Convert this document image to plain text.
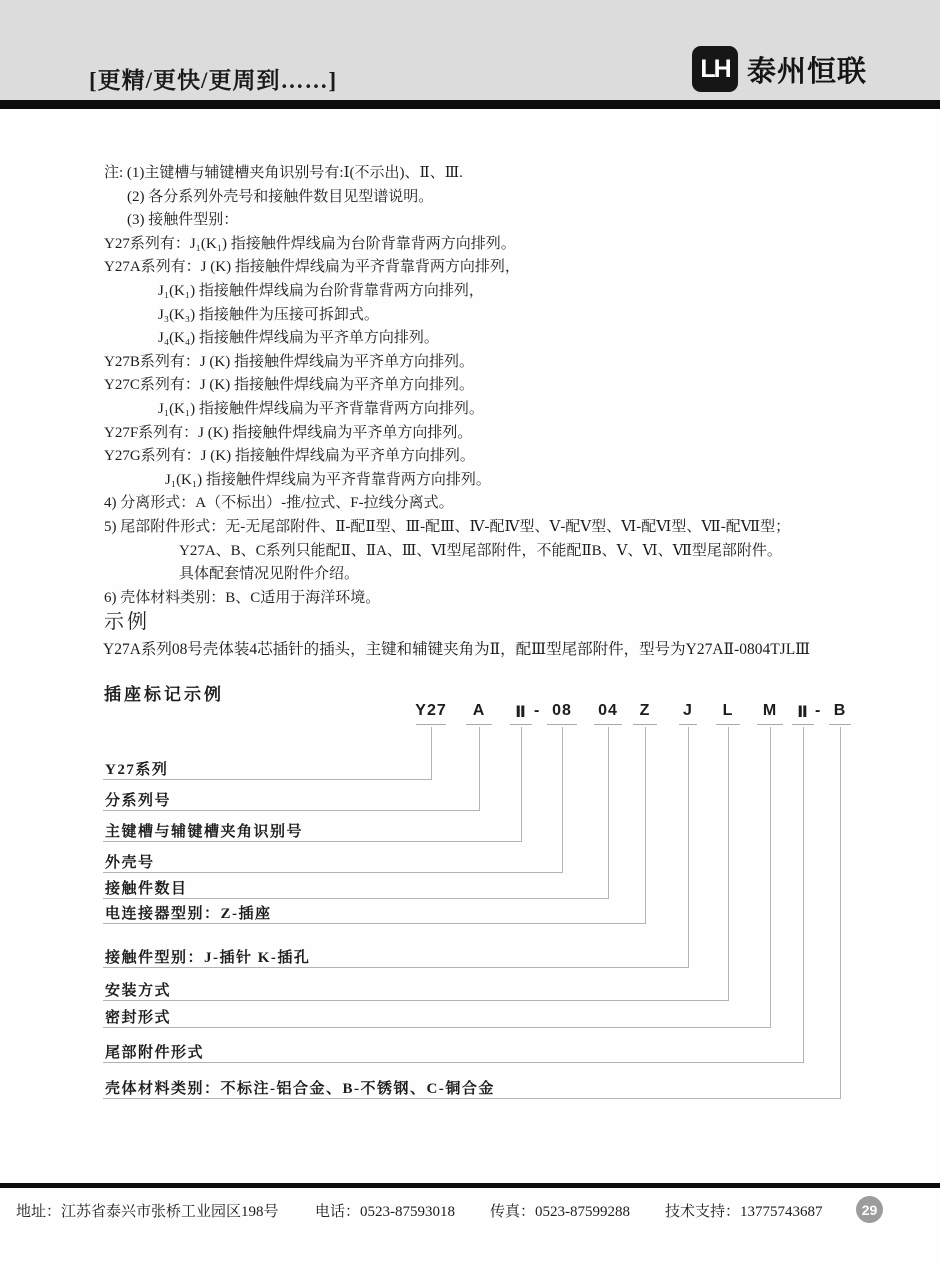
[更精/更快/更周到……]	LH 泰州恒联
注: (1)主键槽与辅键槽夹角识别号有:Ⅰ(不示出)、Ⅱ、Ⅲ.
(2) 各分系列外壳号和接触件数目见型谱说明。
(3) 接触件型别：
Y27系列有：J₁(K₁) 指接触件焊线扁为台阶背靠背两方向排列。
Y27A系列有：J (K) 指接触件焊线扁为平齐背靠背两方向排列，
J₁(K₁) 指接触件焊线扁为台阶背靠背两方向排列，
J₃(K₃) 指接触件为压接可拆卸式。
J₄(K₄) 指接触件焊线扁为平齐单方向排列。
Y27B系列有：J (K) 指接触件焊线扁为平齐单方向排列。
Y27C系列有：J (K) 指接触件焊线扁为平齐单方向排列。
J₁(K₁) 指接触件焊线扁为平齐背靠背两方向排列。
Y27F系列有：J (K) 指接触件焊线扁为平齐单方向排列。
Y27G系列有：J (K) 指接触件焊线扁为平齐单方向排列。
J₁(K₁) 指接触件焊线扁为平齐背靠背两方向排列。
4) 分离形式：A（不标出）-推/拉式、F-拉线分离式。
5) 尾部附件形式：无-无尾部附件、Ⅱ-配Ⅱ型、Ⅲ-配Ⅲ、Ⅳ-配Ⅳ型、Ⅴ-配Ⅴ型、Ⅵ-配Ⅵ型、Ⅶ-配Ⅶ型；
Y27A、B、C系列只能配Ⅱ、ⅡA、Ⅲ、Ⅵ型尾部附件，不能配ⅡB、Ⅴ、Ⅵ、Ⅶ型尾部附件。
具体配套情况见附件介绍。
6) 壳体材料类别：B、C适用于海洋环境。
示例
Y27A系列08号壳体装4芯插针的插头，主键和辅键夹角为Ⅱ，配Ⅲ型尾部附件，型号为Y27AⅡ-0804TJLⅢ
插座标记示例
-	-
Y27
Y27系列
A
分系列号
Ⅱ
主键槽与辅键槽夹角识别号
08
外壳号
04
接触件数目
Z
电连接器型别：Z-插座
J
接触件型别：J-插针 K-插孔
L
安装方式
M
密封形式
Ⅱ
尾部附件形式
B
壳体材料类别：不标注-铝合金、B-不锈钢、C-铜合金
地址：江苏省泰兴市张桥工业园区198号 电话：0523-87593018 传真：0523-87599288 技术支持：13775743687	29
